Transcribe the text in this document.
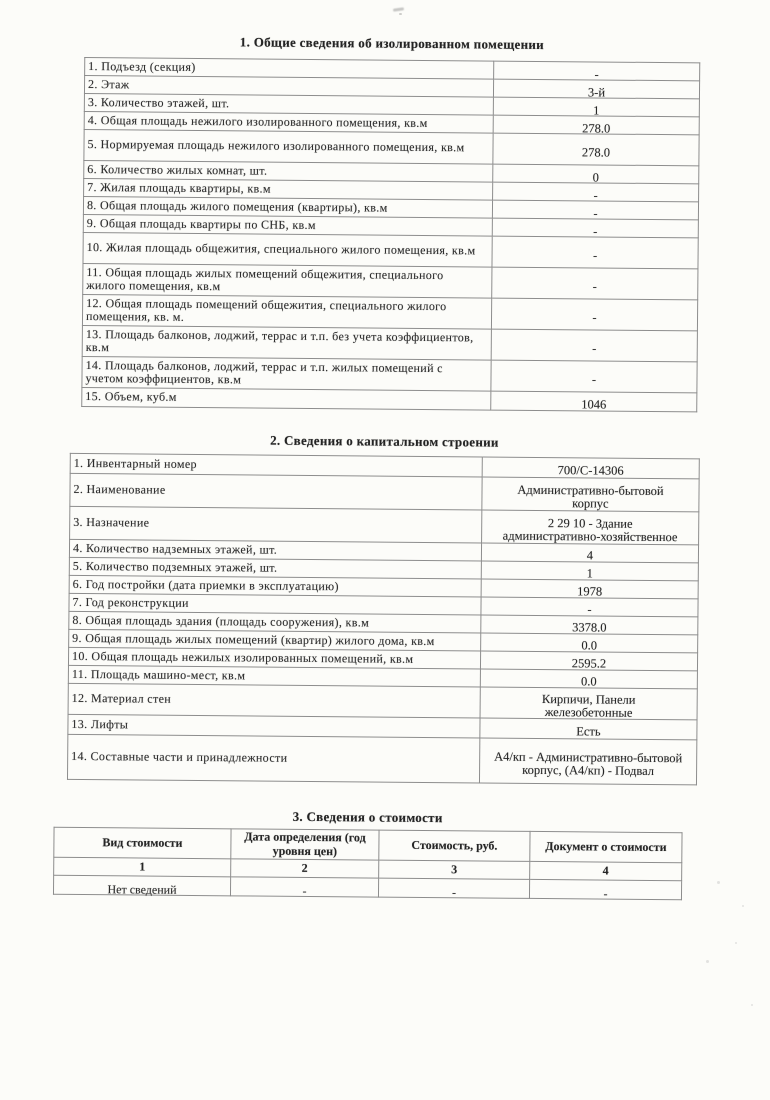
1. Общие сведения об изолированном помещении
1. Подъезд (секция)	-
2. Этаж	3-й
3. Количество этажей, шт.	1
4. Общая площадь нежилого изолированного помещения, кв.м	278.0
5. Нормируемая площадь нежилого изолированного помещения, кв.м	278.0
6. Количество жилых комнат, шт.	0
7. Жилая площадь квартиры, кв.м	-
8. Общая площадь жилого помещения (квартиры), кв.м	-
9. Общая площадь квартиры по СНБ, кв.м	-
10. Жилая площадь общежития, специального жилого помещения, кв.м	-
11. Общая площадь жилых помещений общежития, специального жилого помещения, кв.м	-
12. Общая площадь помещений общежития, специального жилого помещения, кв. м.	-
13. Площадь балконов, лоджий, террас и т.п. без учета коэффициентов, кв.м	-
14. Площадь балконов, лоджий, террас и т.п. жилых помещений с учетом коэффициентов, кв.м	-
15. Объем, куб.м	1046
2. Сведения о капитальном строении
1. Инвентарный номер	700/С-14306

2. Наименование	Административно-бытовой корпус

3. Назначение	2 29 10 - Здание административно-хозяйственное

4. Количество надземных этажей, шт.	4

5. Количество подземных этажей, шт.	1

6. Год постройки (дата приемки в эксплуатацию)	1978

7. Год реконструкции	-

8. Общая площадь здания (площадь сооружения), кв.м	3378.0

9. Общая площадь жилых помещений (квартир) жилого дома, кв.м	0.0

10. Общая площадь нежилых изолированных помещений, кв.м	2595.2

11. Площадь машино-мест, кв.м	0.0

12. Материал стен	Кирпичи, Панели железобетонные

13. Лифты	Есть

14. Составные части и принадлежности	А4/кп - Административно-бытовой корпус, (А4/кп) - Подвал
3. Сведения о стоимости
Вид стоимости	Дата определения (год уровня цен)	Стоимость, руб.	Документ о стоимости
1	2	3	4
Нет сведений	-	-	-
